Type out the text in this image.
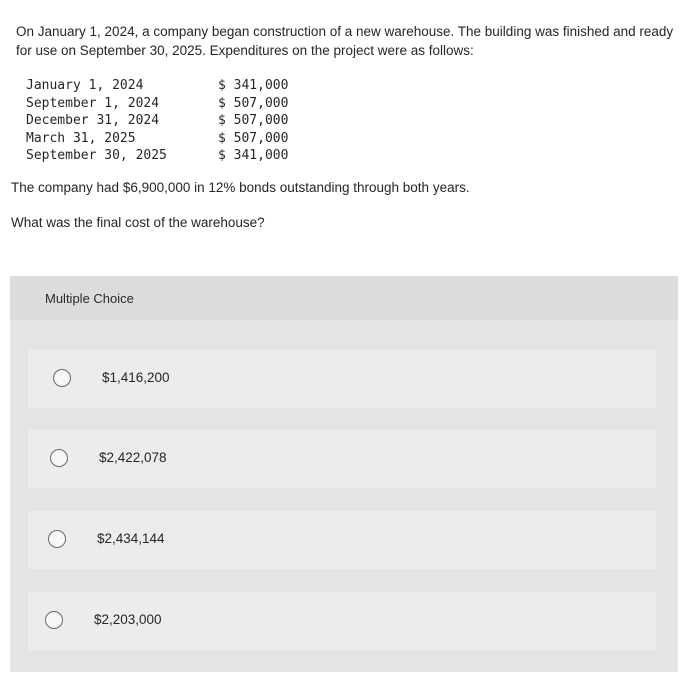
On January 1, 2024, a company began construction of a new warehouse. The building was finished and ready for use on September 30, 2025. Expenditures on the project were as follows:
January 1, 2024	$ 341,000
September 1, 2024	$ 507,000
December 31, 2024	$ 507,000
March 31, 2025	$ 507,000
September 30, 2025	$ 341,000
The company had $6,900,000 in 12% bonds outstanding through both years.
What was the final cost of the warehouse?
Multiple Choice
$1,416,200
$2,422,078
$2,434,144
$2,203,000
